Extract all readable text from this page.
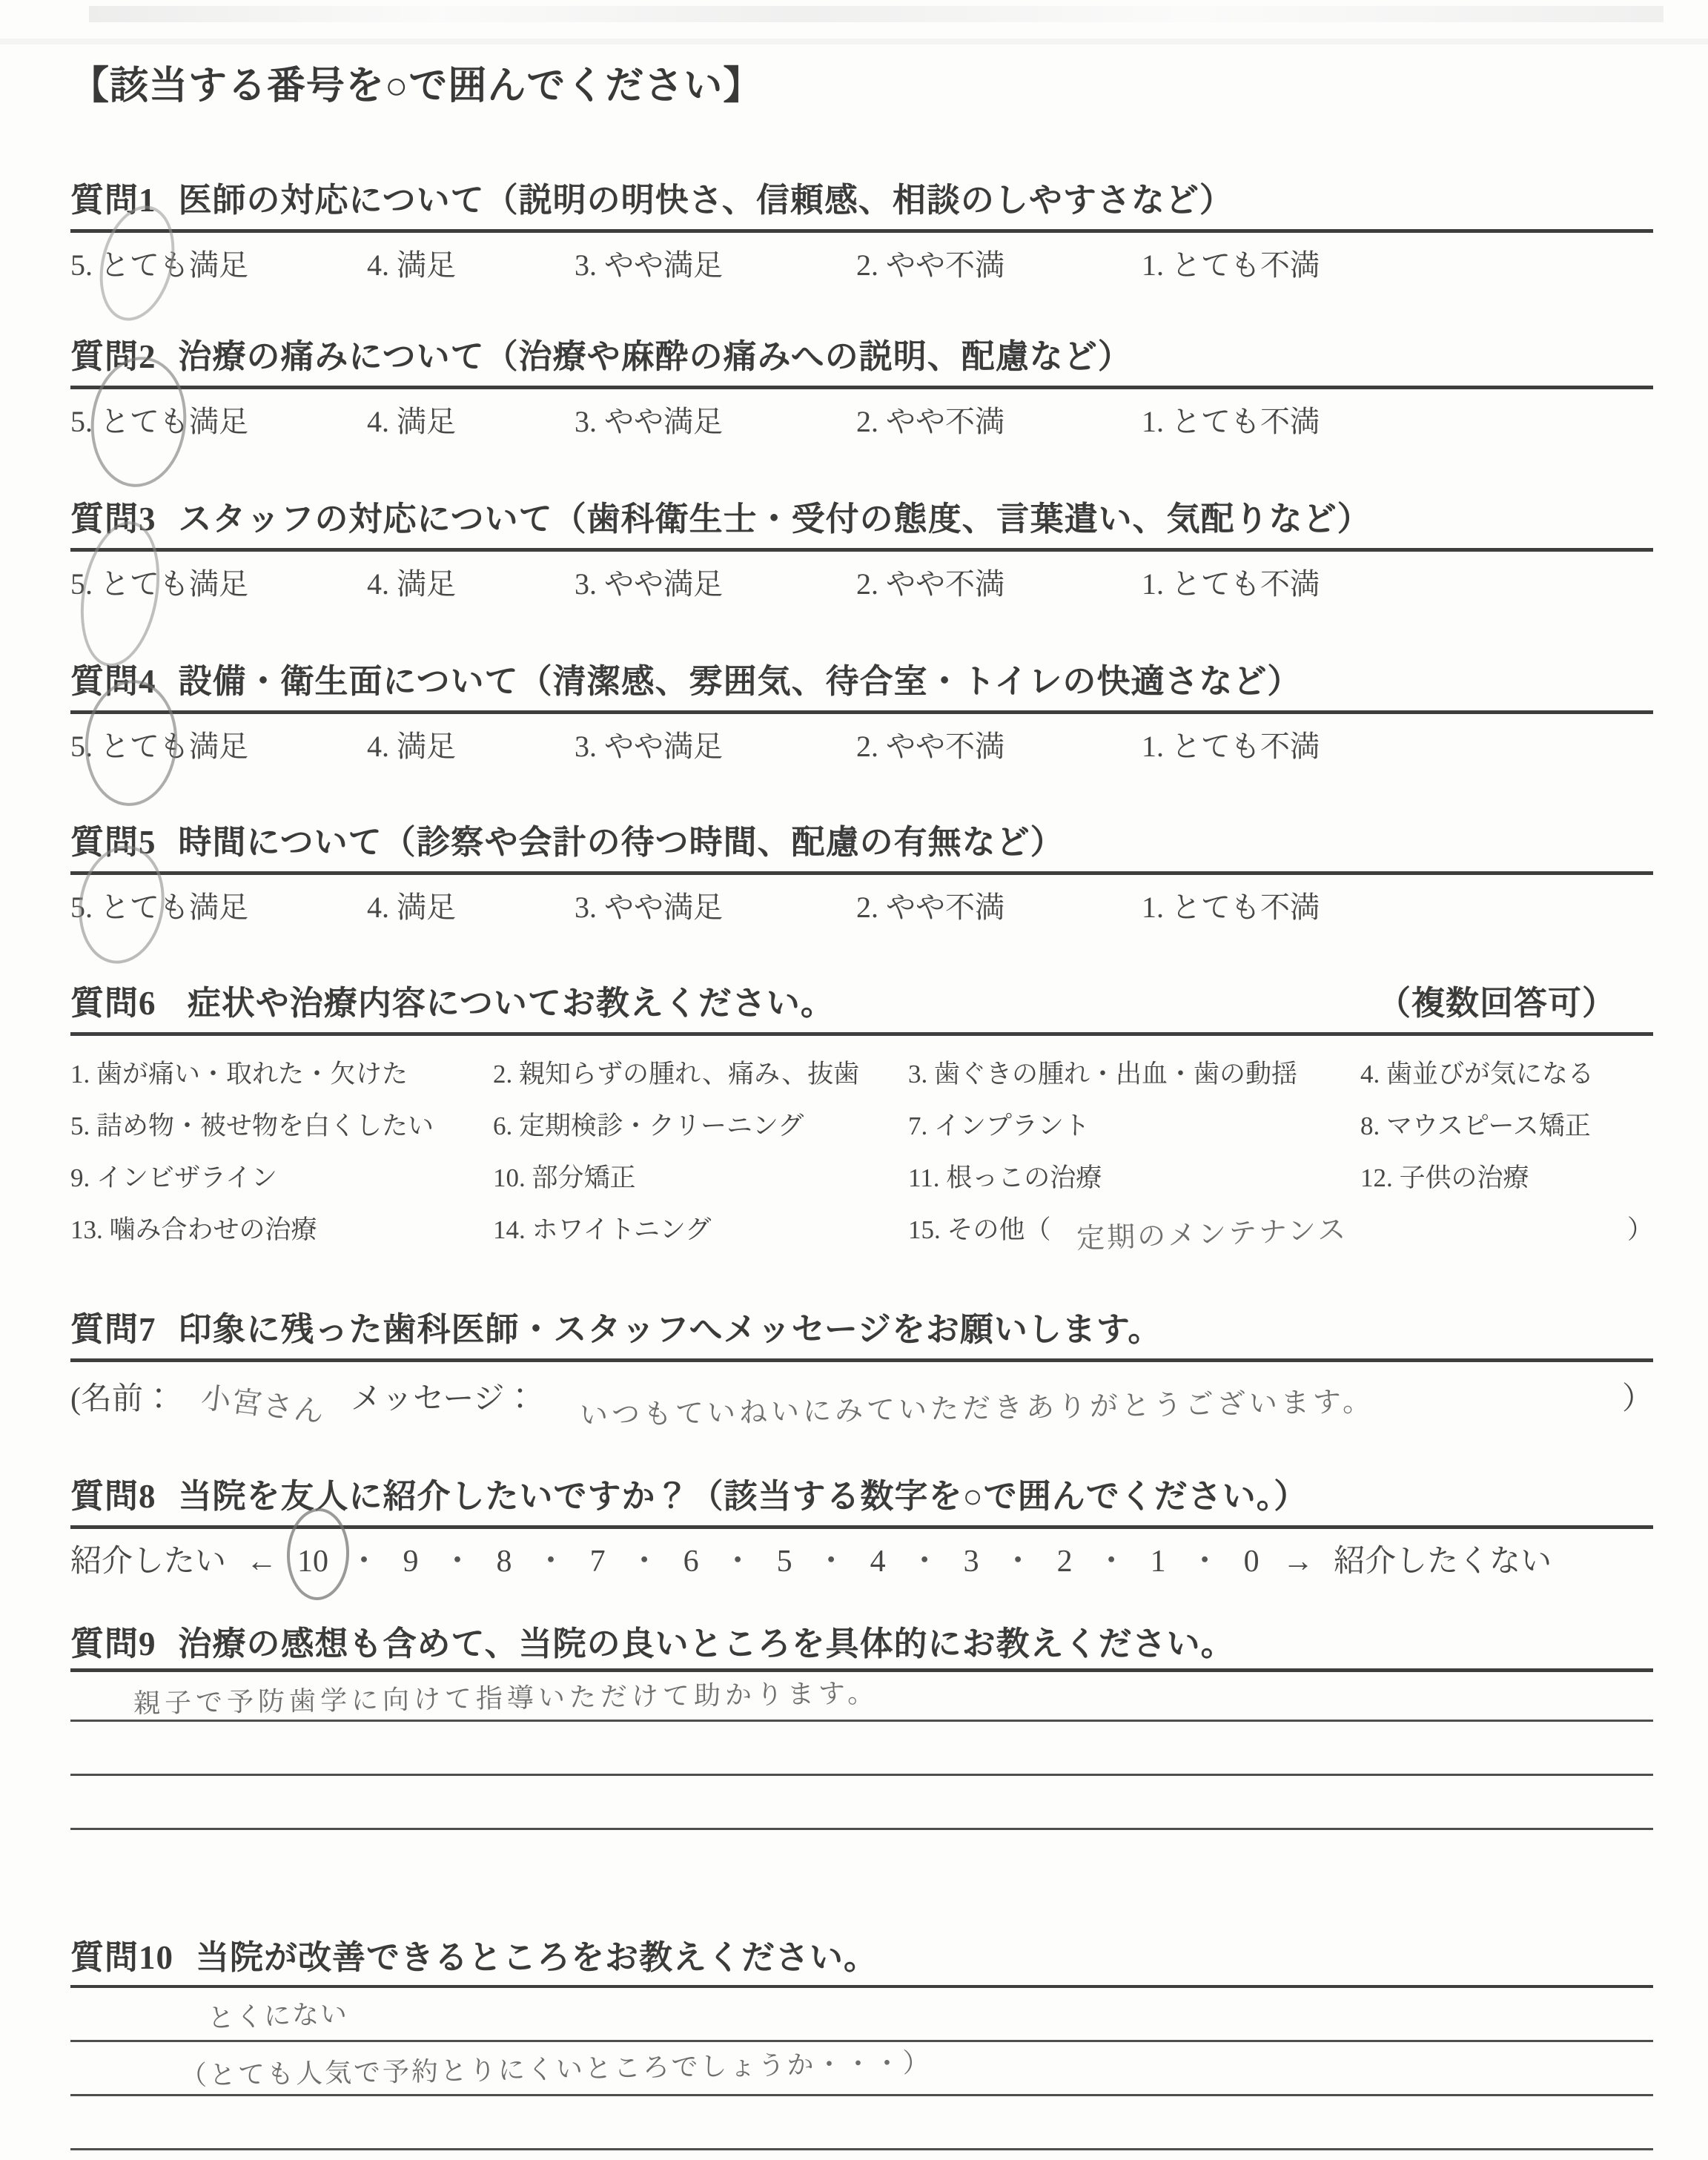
【該当する番号を○で囲んでください】
質問1 医師の対応について（説明の明快さ、信頼感、相談のしやすさなど）
5. とても満足	4. 満足	3. やや満足	2. やや不満	1. とても不満
質問2 治療の痛みについて（治療や麻酔の痛みへの説明、配慮など）
5. とても満足	4. 満足	3. やや満足	2. やや不満	1. とても不満
質問3 スタッフの対応について（歯科衛生士・受付の態度、言葉遣い、気配りなど）
5. とても満足	4. 満足	3. やや満足	2. やや不満	1. とても不満
質問4 設備・衛生面について（清潔感、雰囲気、待合室・トイレの快適さなど）
5. とても満足	4. 満足	3. やや満足	2. やや不満	1. とても不満
質問5 時間について（診察や会計の待つ時間、配慮の有無など）
5. とても満足	4. 満足	3. やや満足	2. やや不満	1. とても不満
質問6 症状や治療内容についてお教えください。	（複数回答可）
1. 歯が痛い・取れた・欠けた	2. 親知らずの腫れ、痛み、抜歯	3. 歯ぐきの腫れ・出血・歯の動揺	4. 歯並びが気になる
5. 詰め物・被せ物を白くしたい	6. 定期検診・クリーニング	7. インプラント	8. マウスピース矯正
9. インビザライン	10. 部分矯正	11. 根っこの治療	12. 子供の治療
13. 噛み合わせの治療	14. ホワイトニング	15. その他（ 定期のメンテナンス	）
質問7 印象に残った歯科医師・スタッフへメッセージをお願いします。
(名前： 小宮さん メッセージ： いつもていねいにみていただきありがとうございます。	）
質問8 当院を友人に紹介したいですか？（該当する数字を○で囲んでください。）
紹介したい ← 10 ・ 9 ・ 8 ・ 7 ・ 6 ・ 5 ・ 4 ・ 3 ・ 2 ・ 1 ・ 0 → 紹介したくない
質問9 治療の感想も含めて、当院の良いところを具体的にお教えください。
親子で予防歯学に向けて指導いただけて助かります。
質問10 当院が改善できるところをお教えください。
とくにない
（とても人気で予約とりにくいところでしょうか・・・）
